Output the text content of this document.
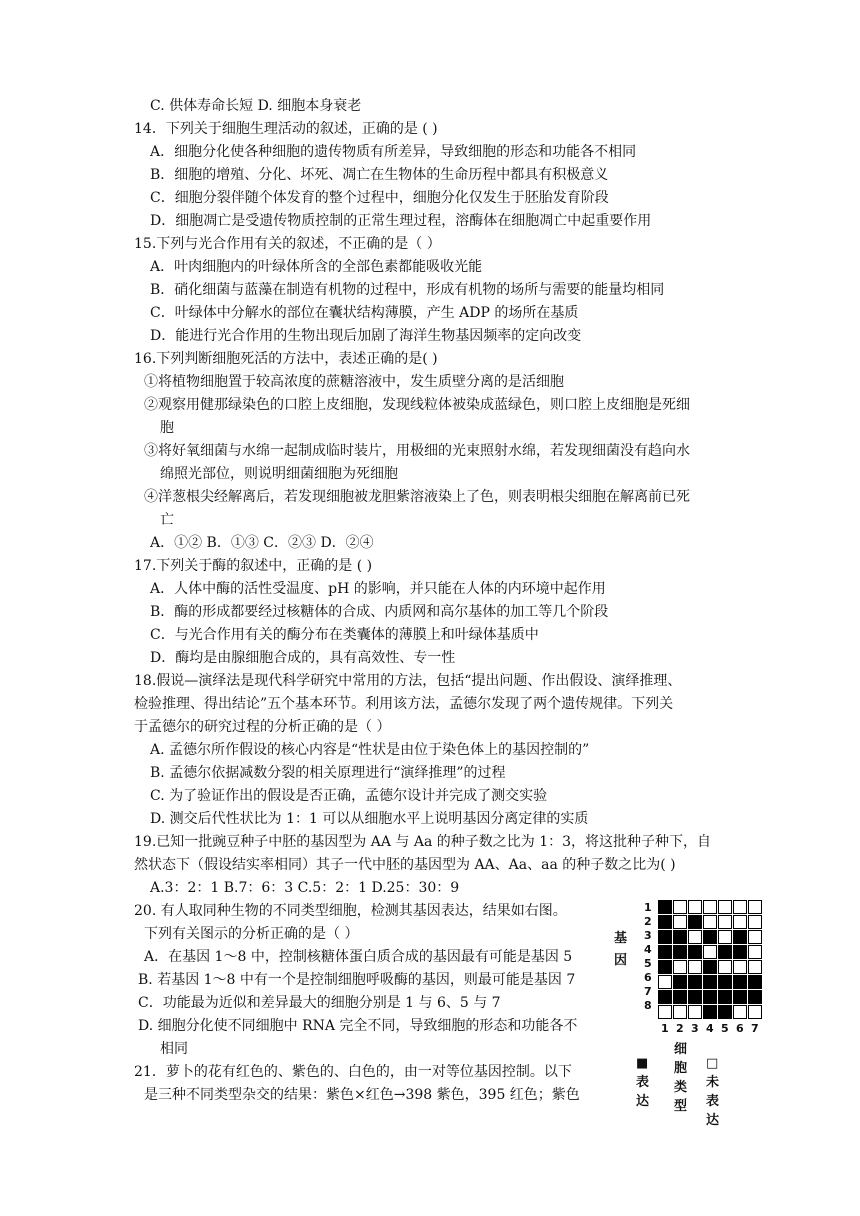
C. 供体寿命长短 D. 细胞本身衰老
14．下列关于细胞生理活动的叙述，正确的是 ( )
A．细胞分化使各种细胞的遗传物质有所差异，导致细胞的形态和功能各不相同
B．细胞的增殖、分化、坏死、凋亡在生物体的生命历程中都具有积极意义
C．细胞分裂伴随个体发育的整个过程中，细胞分化仅发生于胚胎发育阶段
D．细胞凋亡是受遗传物质控制的正常生理过程，溶酶体在细胞凋亡中起重要作用
15.下列与光合作用有关的叙述，不正确的是（ ）
A．叶肉细胞内的叶绿体所含的全部色素都能吸收光能
B．硝化细菌与蓝藻在制造有机物的过程中，形成有机物的场所与需要的能量均相同
C．叶绿体中分解水的部位在囊状结构薄膜，产生 ADP 的场所在基质
D．能进行光合作用的生物出现后加剧了海洋生物基因频率的定向改变
16.下列判断细胞死活的方法中，表述正确的是( )
①将植物细胞置于较高浓度的蔗糖溶液中，发生质壁分离的是活细胞
②观察用健那绿染色的口腔上皮细胞，发现线粒体被染成蓝绿色，则口腔上皮细胞是死细
胞
③将好氧细菌与水绵一起制成临时装片，用极细的光束照射水绵，若发现细菌没有趋向水
绵照光部位，则说明细菌细胞为死细胞
④洋葱根尖经解离后，若发现细胞被龙胆紫溶液染上了色，则表明根尖细胞在解离前已死
亡
A．①② B．①③ C．②③ D．②④
17.下列关于酶的叙述中，正确的是 ( )
A．人体中酶的活性受温度、pH 的影响，并只能在人体的内环境中起作用
B．酶的形成都要经过核糖体的合成、内质网和高尔基体的加工等几个阶段
C．与光合作用有关的酶分布在类囊体的薄膜上和叶绿体基质中
D．酶均是由腺细胞合成的，具有高效性、专一性
18.假说—演绎法是现代科学研究中常用的方法，包括“提出问题、作出假设、演绎推理、
检验推理、得出结论”五个基本环节。利用该方法，孟德尔发现了两个遗传规律。下列关
于孟德尔的研究过程的分析正确的是（ ）
A. 孟德尔所作假设的核心内容是“性状是由位于染色体上的基因控制的”
B. 孟德尔依据减数分裂的相关原理进行“演绎推理”的过程
C. 为了验证作出的假设是否正确，孟德尔设计并完成了测交实验
D. 测交后代性状比为 1：1 可以从细胞水平上说明基因分离定律的实质
19.已知一批豌豆种子中胚的基因型为 AA 与 Aa 的种子数之比为 1：3，将这批种子种下，自
然状态下（假设结实率相同）其子一代中胚的基因型为 AA、Aa、aa 的种子数之比为( )
A.3：2：1 B.7：6：3 C.5：2：1 D.25：30：9
20. 有人取同种生物的不同类型细胞，检测其基因表达，结果如右图。
下列有关图示的分析正确的是（ ）
A．在基因 1～8 中，控制核糖体蛋白质合成的基因最有可能是基因 5
B. 若基因 1～8 中有一个是控制细胞呼吸酶的基因，则最可能是基因 7
C．功能最为近似和差异最大的细胞分别是 1 与 6、5 与 7
D. 细胞分化使不同细胞中 RNA 完全不同，导致细胞的形态和功能各不
相同
21．萝卜的花有红色的、紫色的、白色的，由一对等位基因控制。以下
是三种不同类型杂交的结果：紫色×红色→398 紫色，395 红色；紫色
基因
细胞类型
■表达
□未表达
1
2
3
4
5
6
7
8
1 2 3 4 5 6 7
